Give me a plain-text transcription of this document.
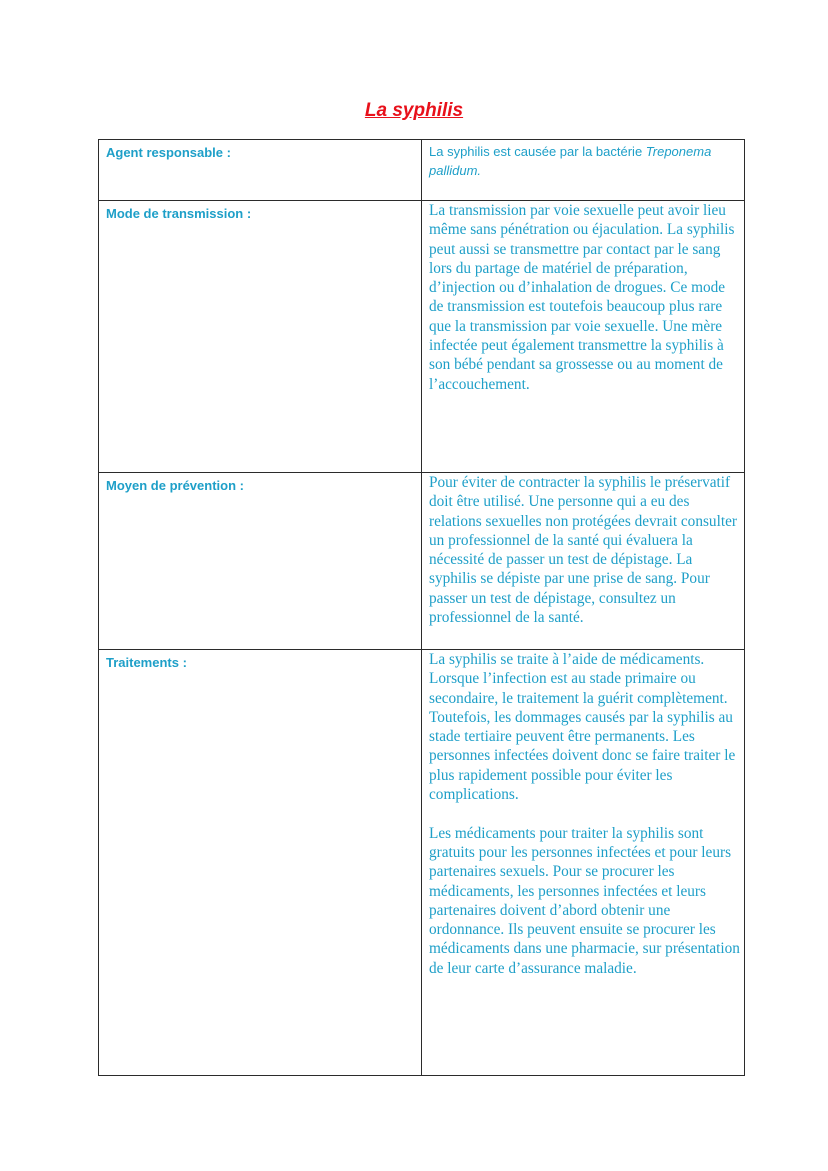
La syphilis
Agent responsable :	La syphilis est causée par la bactérie Treponema pallidum.

Mode de transmission :	La transmission par voie sexuelle peut avoir lieu même sans pénétration ou éjaculation. La syphilis peut aussi se transmettre par contact par le sang lors du partage de matériel de préparation, d’injection ou d’inhalation de drogues. Ce mode de transmission est toutefois beaucoup plus rare que la transmission par voie sexuelle. Une mère infectée peut également transmettre la syphilis à son bébé pendant sa grossesse ou au moment de l’accouchement.

Moyen de prévention :	Pour éviter de contracter la syphilis le préservatif doit être utilisé. Une personne qui a eu des relations sexuelles non protégées devrait consulter un professionnel de la santé qui évaluera la nécessité de passer un test de dépistage. La syphilis se dépiste par une prise de sang. Pour passer un test de dépistage, consultez un professionnel de la santé.

Traitements :	La syphilis se traite à l’aide de médicaments. Lorsque l’infection est au stade primaire ou secondaire, le traitement la guérit complètement. Toutefois, les dommages causés par la syphilis au stade tertiaire peuvent être permanents. Les personnes infectées doivent donc se faire traiter le plus rapidement possible pour éviter les complications.

Les médicaments pour traiter la syphilis sont gratuits pour les personnes infectées et pour leurs partenaires sexuels. Pour se procurer les médicaments, les personnes infectées et leurs partenaires doivent d’abord obtenir une ordonnance. Ils peuvent ensuite se procurer les médicaments dans une pharmacie, sur présentation de leur carte d’assurance maladie.
